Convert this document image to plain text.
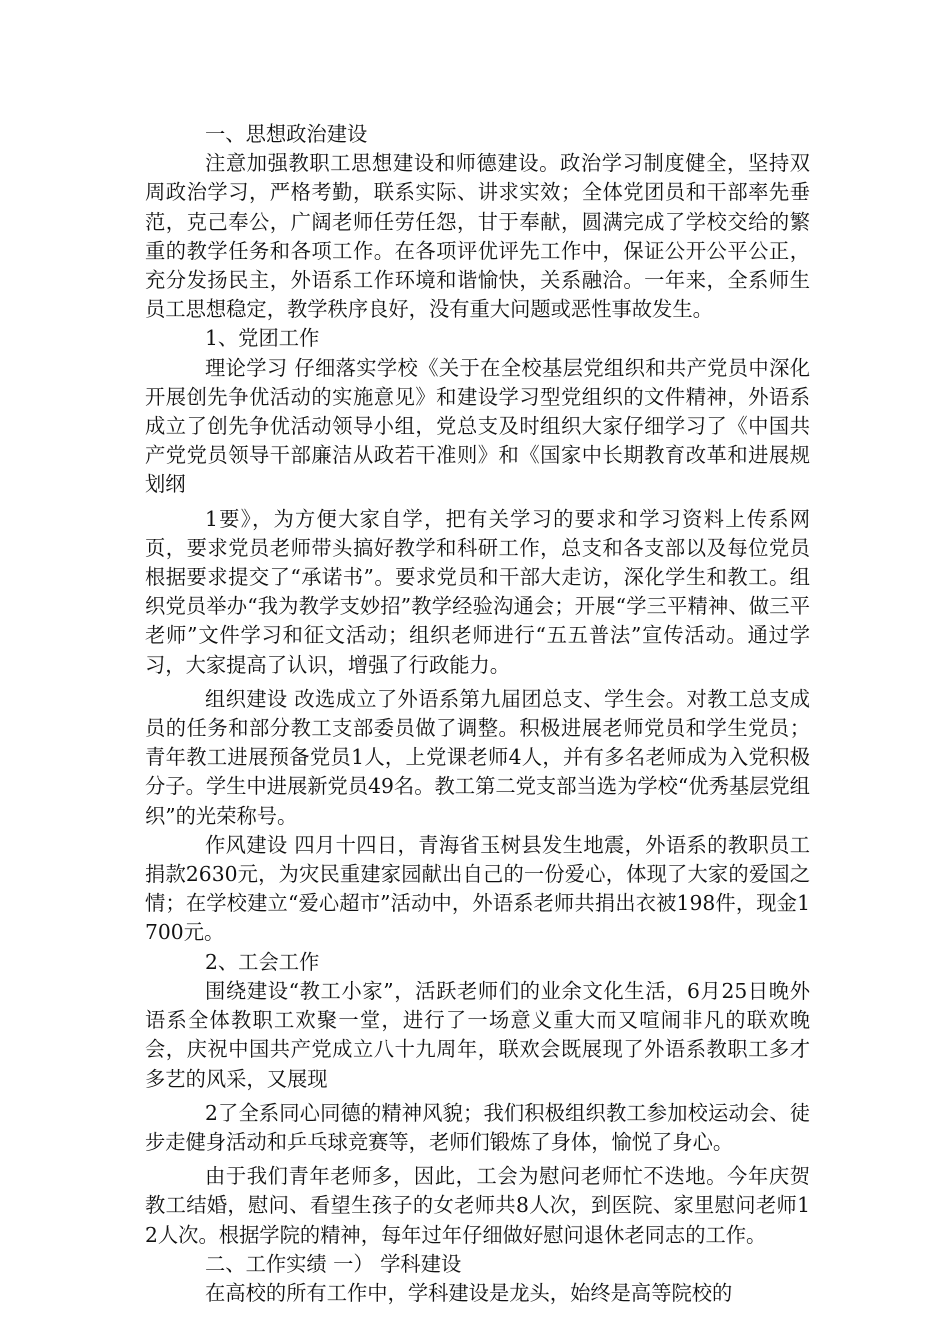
一、思想政治建设

注意加强教职工思想建设和师德建设。政治学习制度健全，坚持双周政治学习，严格考勤，联系实际、讲求实效；全体党团员和干部率先垂范，克己奉公，广阔老师任劳任怨，甘于奉献，圆满完成了学校交给的繁重的教学任务和各项工作。在各项评优评先工作中，保证公开公平公正，充分发扬民主，外语系工作环境和谐愉快，关系融洽。一年来，全系师生员工思想稳定，教学秩序良好，没有重大问题或恶性事故发生。

1、党团工作

理论学习 仔细落实学校《关于在全校基层党组织和共产党员中深化开展创先争优活动的实施意见》和建设学习型党组织的文件精神，外语系成立了创先争优活动领导小组，党总支及时组织大家仔细学习了《中国共产党党员领导干部廉洁从政若干准则》和《国家中长期教育改革和进展规划纲

1要》，为方便大家自学，把有关学习的要求和学习资料上传系网页，要求党员老师带头搞好教学和科研工作，总支和各支部以及每位党员根据要求提交了“承诺书”。要求党员和干部大走访，深化学生和教工。组织党员举办“我为教学支妙招”教学经验沟通会；开展“学三平精神、做三平老师”文件学习和征文活动；组织老师进行“五五普法”宣传活动。通过学习，大家提高了认识，增强了行政能力。

组织建设 改选成立了外语系第九届团总支、学生会。对教工总支成员的任务和部分教工支部委员做了调整。积极进展老师党员和学生党员；青年教工进展预备党员1人，上党课老师4人，并有多名老师成为入党积极分子。学生中进展新党员49名。教工第二党支部当选为学校“优秀基层党组织”的光荣称号。

作风建设 四月十四日，青海省玉树县发生地震，外语系的教职员工捐款2630元，为灾民重建家园献出自己的一份爱心，体现了大家的爱国之情；在学校建立“爱心超市”活动中，外语系老师共捐出衣被198件，现金1700元。

2、工会工作

围绕建设“教工小家”，活跃老师们的业余文化生活，6月25日晚外语系全体教职工欢聚一堂，进行了一场意义重大而又喧闹非凡的联欢晚会，庆祝中国共产党成立八十九周年，联欢会既展现了外语系教职工多才多艺的风采，又展现

2了全系同心同德的精神风貌；我们积极组织教工参加校运动会、徒步走健身活动和乒乓球竞赛等，老师们锻炼了身体，愉悦了身心。

由于我们青年老师多，因此，工会为慰问老师忙不迭地。今年庆贺教工结婚，慰问、看望生孩子的女老师共8人次，到医院、家里慰问老师12人次。根据学院的精神，每年过年仔细做好慰问退休老同志的工作。

二、工作实绩 一） 学科建设

在高校的所有工作中，学科建设是龙头，始终是高等院校的
